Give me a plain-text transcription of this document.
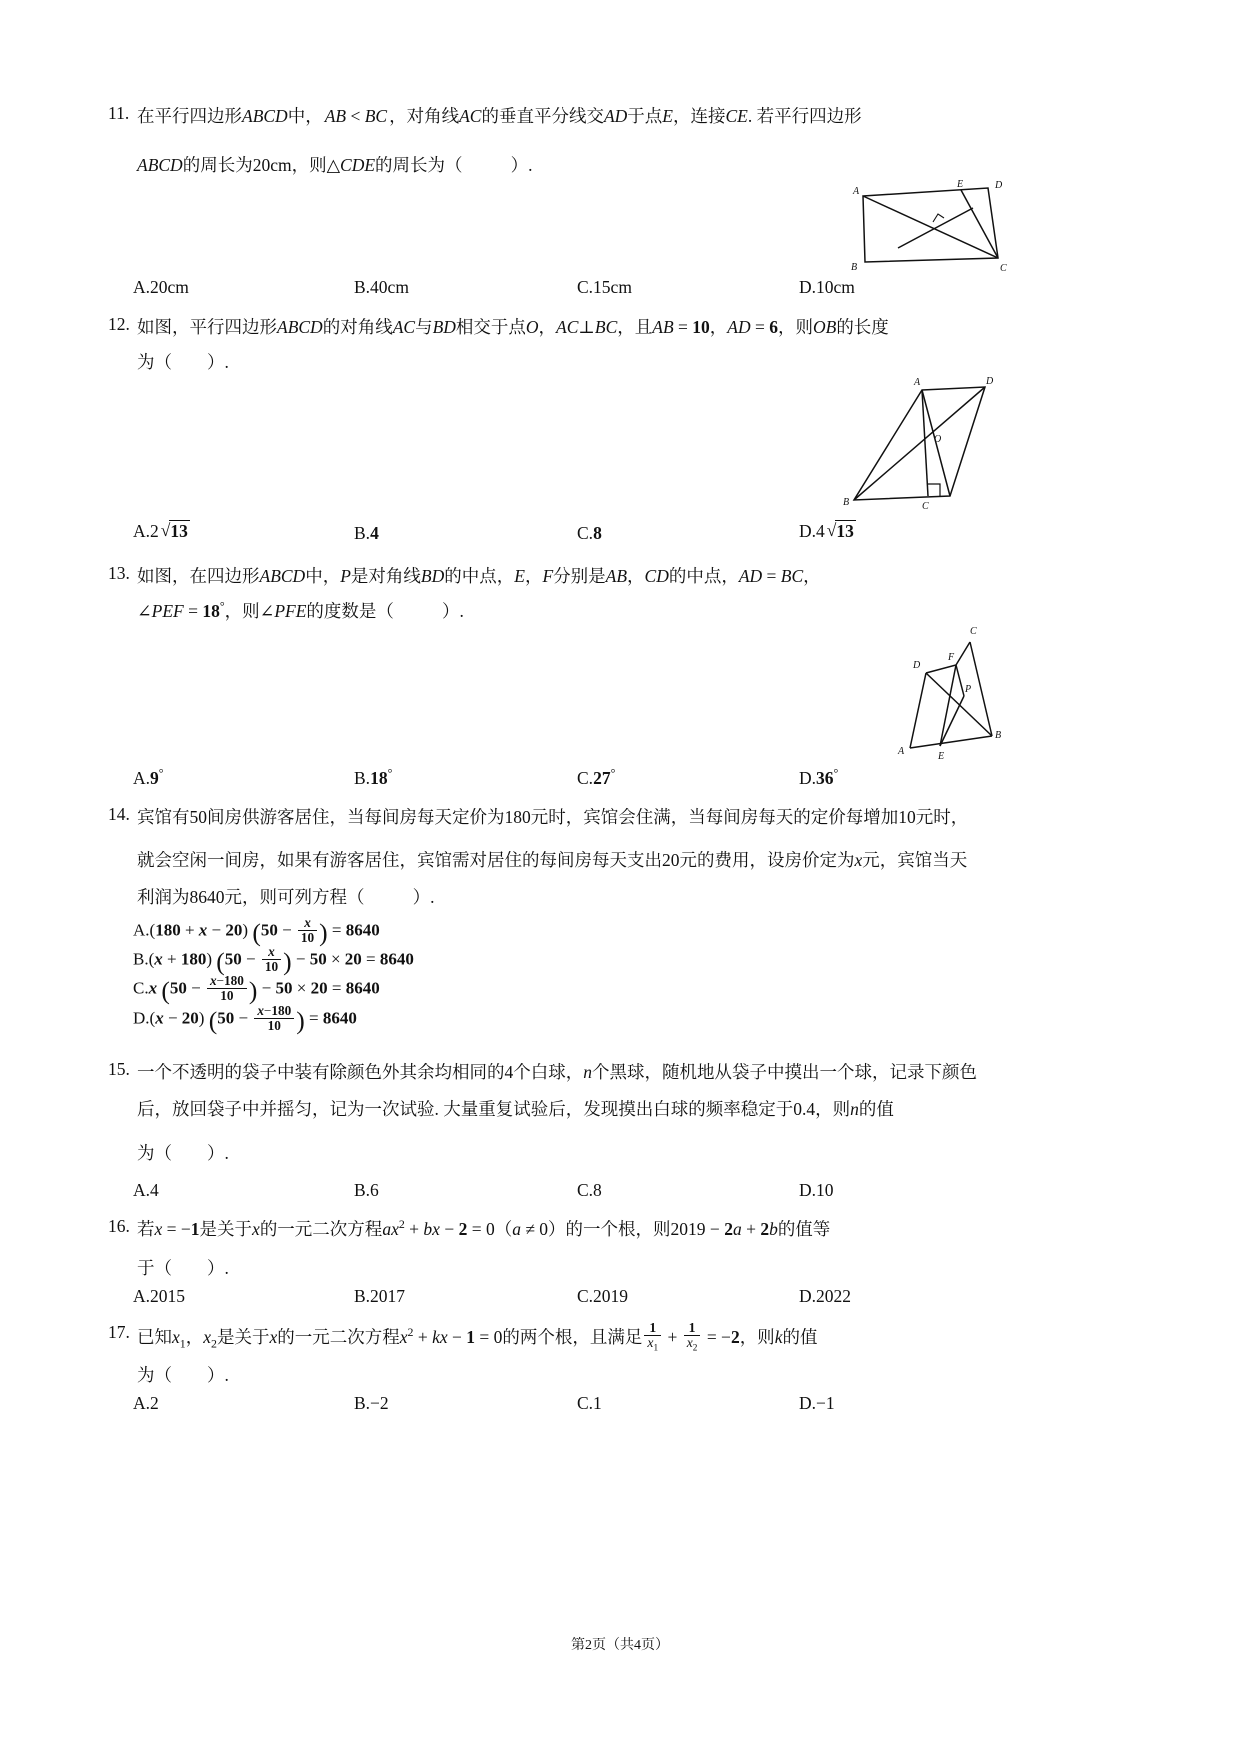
11. 在平行四边形ABCD中， AB < BC ，对角线AC的垂直平分线交AD于点E，连接CE. 若平行四边形
ABCD的周长为20cm，则△CDE的周长为（           ）.
A
E	D
B	C
A.20cm	B.40cm	C.15cm	D.10cm
12. 如图，平行四边形ABCD的对角线AC与BD相交于点O，AC⊥BC，且AB = 10，AD = 6，则OB的长度
为（        ）.
A	D
O
B	C
A.2 √13	B.4	C.8	D.4 √13
13. 如图，在四边形ABCD中，P是对角线BD的中点，E，F分别是AB，CD的中点，AD = BC，
∠PEF = 18°，则∠PFE的度数是（           ）.
C
F
D
P
A	E
B
A.9°	B.18°	C.27°	D.36°
14. 宾馆有50间房供游客居住，当每间房每天定价为180元时，宾馆会住满，当每间房每天的定价每增加10元时，
就会空闲一间房，如果有游客居住，宾馆需对居住的每间房每天支出20元的费用，设房价定为x元，宾馆当天
利润为8640元，则可列方程（           ）.
A.(180 + x − 20) ($50 - \frac{x}{10}$ ) = 8640
B.(x + 180) ($50 - \frac{x}{10}$ ) − 50 × 20 = 8640
C.x ($50 - \frac{x-180}{10}$ ) − 50 × 20 = 8640
D.(x − 20) ($50 - \frac{x-180}{10}$ ) = 8640
15. 一个不透明的袋子中装有除颜色外其余均相同的4个白球，n个黑球，随机地从袋子中摸出一个球，记录下颜色
后，放回袋子中并摇匀，记为一次试验. 大量重复试验后，发现摸出白球的频率稳定于0.4，则n的值
为（        ）.
A.4	B.6	C.8	D.10
16. 若x = −1是关于x的一元二次方程$ax^2$ + bx − 2 = 0（a ≠ 0）的一个根，则2019 − 2a + 2b的值等
于（        ）.
A.2015	B.2017	C.2019	D.2022
17. 已知$x_1$，$x_2$是关于x的一元二次方程$x^2$ + kx − 1 = 0的两个根，且满足 $\frac{1}{x_1} + \frac{1}{x_2} = -2$，则k的值
为（        ）.
A.2	B.−2	C.1	D.−1
第2页（共4页）
